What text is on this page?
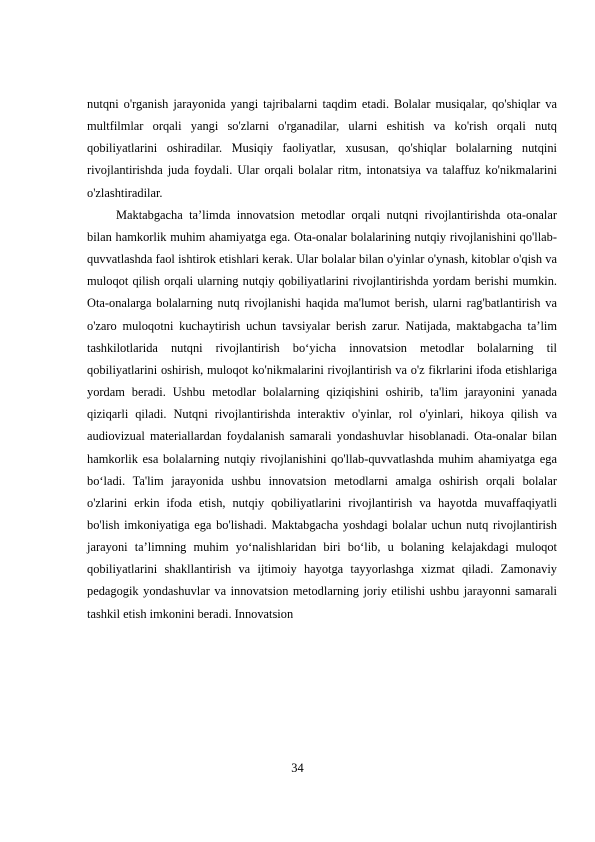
nutqni o'rganish jarayonida yangi tajribalarni taqdim etadi. Bolalar musiqalar, qo'shiqlar va multfilmlar orqali yangi so'zlarni o'rganadilar, ularni eshitish va ko'rish orqali nutq qobiliyatlarini oshiradilar. Musiqiy faoliyatlar, xususan, qo'shiqlar bolalarning nutqini rivojlantirishda juda foydali. Ular orqali bolalar ritm, intonatsiya va talaffuz ko'nikmalarini o'zlashtiradilar.

Maktabgacha ta’limda innovatsion metodlar orqali nutqni rivojlantirishda ota-onalar bilan hamkorlik muhim ahamiyatga ega. Ota-onalar bolalarining nutqiy rivojlanishini qo'llab-quvvatlashda faol ishtirok etishlari kerak. Ular bolalar bilan o'yinlar o'ynash, kitoblar o'qish va muloqot qilish orqali ularning nutqiy qobiliyatlarini rivojlantirishda yordam berishi mumkin. Ota-onalarga bolalarning nutq rivojlanishi haqida ma'lumot berish, ularni rag'batlantirish va o'zaro muloqotni kuchaytirish uchun tavsiyalar berish zarur. Natijada, maktabgacha ta’lim tashkilotlarida nutqni rivojlantirish bo‘yicha innovatsion metodlar bolalarning til qobiliyatlarini oshirish, muloqot ko'nikmalarini rivojlantirish va o'z fikrlarini ifoda etishlariga yordam beradi. Ushbu metodlar bolalarning qiziqishini oshirib, ta'lim jarayonini yanada qiziqarli qiladi. Nutqni rivojlantirishda interaktiv o'yinlar, rol o'yinlari, hikoya qilish va audiovizual materiallardan foydalanish samarali yondashuvlar hisoblanadi. Ota-onalar bilan hamkorlik esa bolalarning nutqiy rivojlanishini qo'llab-quvvatlashda muhim ahamiyatga ega bo‘ladi. Ta'lim jarayonida ushbu innovatsion metodlarni amalga oshirish orqali bolalar o'zlarini erkin ifoda etish, nutqiy qobiliyatlarini rivojlantirish va hayotda muvaffaqiyatli bo'lish imkoniyatiga ega bo'lishadi. Maktabgacha yoshdagi bolalar uchun nutq rivojlantirish jarayoni ta’limning muhim yo‘nalishlaridan biri bo‘lib, u bolaning kelajakdagi muloqot qobiliyatlarini shakllantirish va ijtimoiy hayotga tayyorlashga xizmat qiladi. Zamonaviy pedagogik yondashuvlar va innovatsion metodlarning joriy etilishi ushbu jarayonni samarali tashkil etish imkonini beradi. Innovatsion

34
